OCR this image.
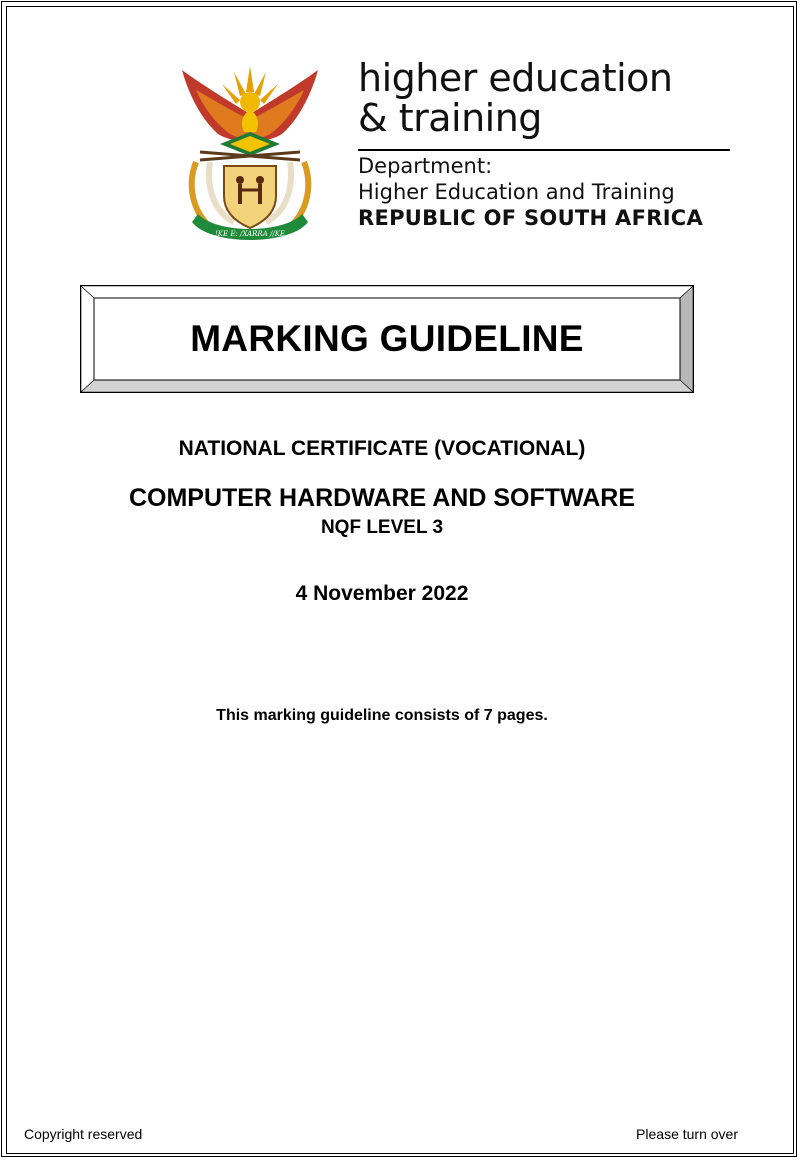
!KE E: /XARRA //KE
higher education
& training
Department:
Higher Education and Training
REPUBLIC OF SOUTH AFRICA
MARKING GUIDELINE
NATIONAL CERTIFICATE (VOCATIONAL)
COMPUTER HARDWARE AND SOFTWARE
NQF LEVEL 3
4 November 2022
This marking guideline consists of 7 pages.
Copyright reserved	Please turn over
